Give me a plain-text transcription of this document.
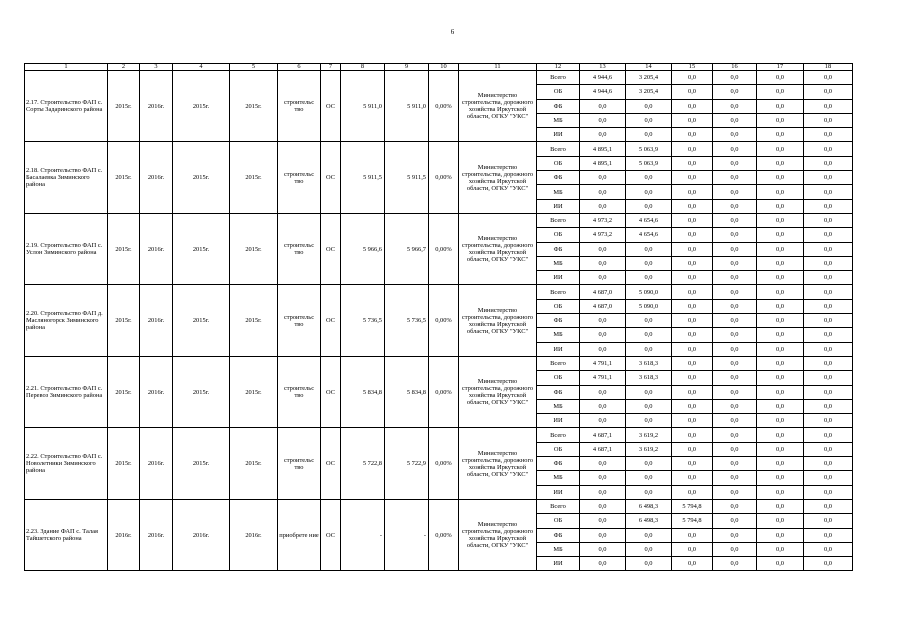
6
1	2	3	4	5	6	7	8	9	10	11	12	13	14	15	16	17	18
2.17. Строительство ФАП с. Сорты Задаринского района	2015г.	2016г.	2015г.	2015г.	строительс тво	ОС	5 911,0	5 911,0	0,00%	Министерство строительства, дорожного хозяйства Иркутской области, ОГКУ "УКС"	Всего	4 944,6	3 205,4	0,0	0,0	0,0	0,0
											ОБ	4 944,6	3 205,4	0,0	0,0	0,0	0,0
											ФБ	0,0	0,0	0,0	0,0	0,0	0,0
											МБ	0,0	0,0	0,0	0,0	0,0	0,0
											ИИ	0,0	0,0	0,0	0,0	0,0	0,0
2.18. Строительство ФАП с. Басалаевка Зиминского района	2015г.	2016г.	2015г.	2015г.	строительс тво	ОС	5 911,5	5 911,5	0,00%	Министерство строительства, дорожного хозяйства Иркутской области, ОГКУ "УКС"	Всего	4 895,1	5 063,9	0,0	0,0	0,0	0,0
											ОБ	4 895,1	5 063,9	0,0	0,0	0,0	0,0
											ФБ	0,0	0,0	0,0	0,0	0,0	0,0
											МБ	0,0	0,0	0,0	0,0	0,0	0,0
											ИИ	0,0	0,0	0,0	0,0	0,0	0,0
2.19. Строительство ФАП с. Услон Зиминского района	2015г.	2016г.	2015г.	2015г.	строительс тво	ОС	5 966,6	5 966,7	0,00%	Министерство строительства, дорожного хозяйства Иркутской области, ОГКУ "УКС"	Всего	4 973,2	4 654,6	0,0	0,0	0,0	0,0
											ОБ	4 973,2	4 654,6	0,0	0,0	0,0	0,0
											ФБ	0,0	0,0	0,0	0,0	0,0	0,0
											МБ	0,0	0,0	0,0	0,0	0,0	0,0
											ИИ	0,0	0,0	0,0	0,0	0,0	0,0
2.20. Строительство ФАП д. Масляногорск Зиминского района	2015г.	2016г.	2015г.	2015г.	строительс тво	ОС	5 736,5	5 736,5	0,00%	Министерство строительства, дорожного хозяйства Иркутской области, ОГКУ "УКС"	Всего	4 687,0	5 090,0	0,0	0,0	0,0	0,0
											ОБ	4 687,0	5 090,0	0,0	0,0	0,0	0,0
											ФБ	0,0	0,0	0,0	0,0	0,0	0,0
											МБ	0,0	0,0	0,0	0,0	0,0	0,0
											ИИ	0,0	0,0	0,0	0,0	0,0	0,0
2.21. Строительство ФАП с. Перевоз Зиминского района	2015г.	2016г.	2015г.	2015г.	строительс тво	ОС	5 834,8	5 834,8	0,00%	Министерство строительства, дорожного хозяйства Иркутской области, ОГКУ "УКС"	Всего	4 791,1	3 618,3	0,0	0,0	0,0	0,0
											ОБ	4 791,1	3 618,3	0,0	0,0	0,0	0,0
											ФБ	0,0	0,0	0,0	0,0	0,0	0,0
											МБ	0,0	0,0	0,0	0,0	0,0	0,0
											ИИ	0,0	0,0	0,0	0,0	0,0	0,0
2.22. Строительство ФАП с. Новолетники Зиминского района	2015г.	2016г.	2015г.	2015г.	строительс тво	ОС	5 722,8	5 722,9	0,00%	Министерство строительства, дорожного хозяйства Иркутской области, ОГКУ "УКС"	Всего	4 687,1	3 619,2	0,0	0,0	0,0	0,0
											ОБ	4 687,1	3 619,2	0,0	0,0	0,0	0,0
											ФБ	0,0	0,0	0,0	0,0	0,0	0,0
											МБ	0,0	0,0	0,0	0,0	0,0	0,0
											ИИ	0,0	0,0	0,0	0,0	0,0	0,0
2.23. Здание ФАП с. Талая Тайшетского района	2016г.	2016г.	2016г.	2016г.	приобрете ние	ОС	-	-	0,00%	Министерство строительства, дорожного хозяйства Иркутской области, ОГКУ "УКС"	Всего	0,0	6 498,3	5 794,8	0,0	0,0	0,0
											ОБ	0,0	6 498,3	5 794,8	0,0	0,0	0,0
											ФБ	0,0	0,0	0,0	0,0	0,0	0,0
											МБ	0,0	0,0	0,0	0,0	0,0	0,0
											ИИ	0,0	0,0	0,0	0,0	0,0	0,0
